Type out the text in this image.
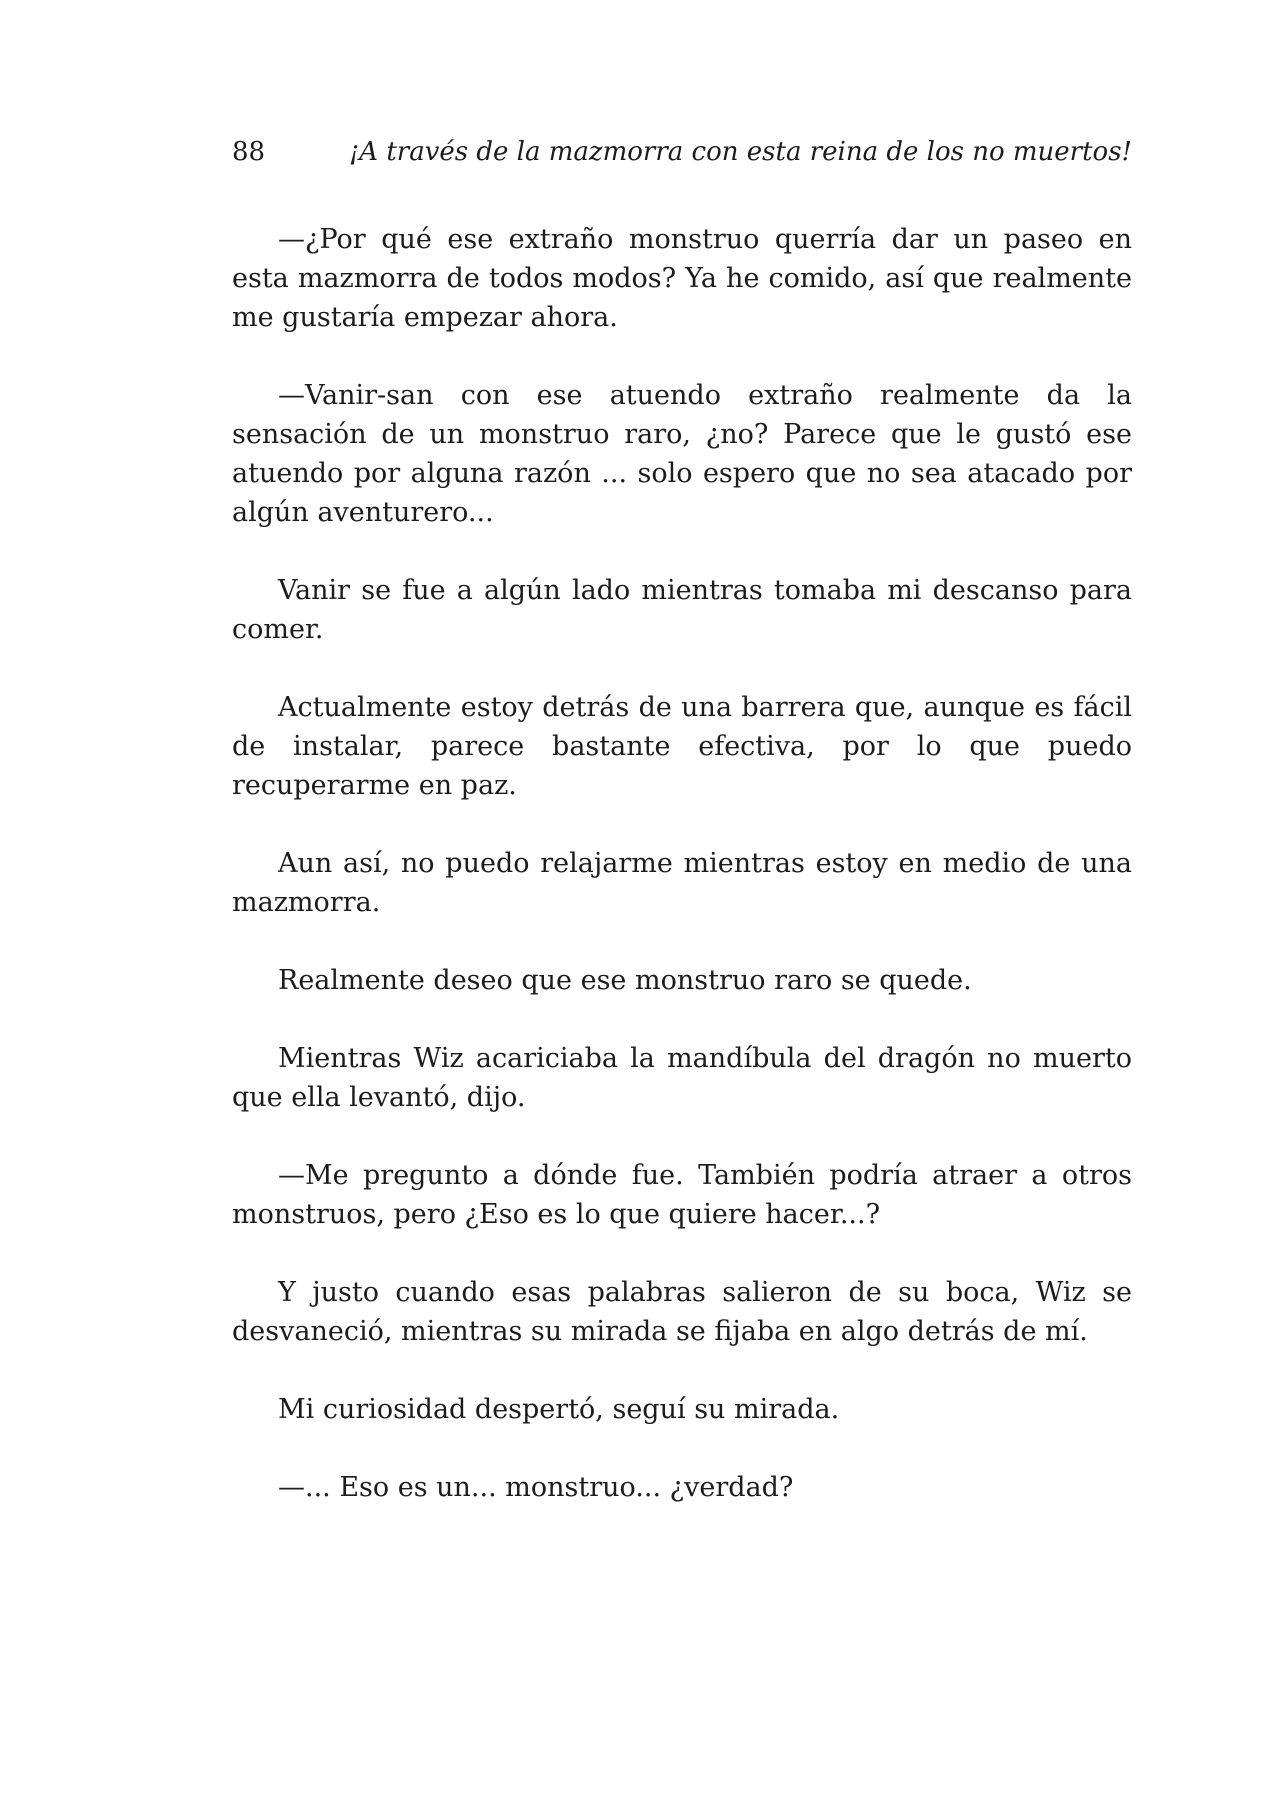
88	¡A través de la mazmorra con esta reina de los no muertos!

—¿Por qué ese extraño monstruo querría dar un paseo en esta mazmorra de todos modos? Ya he comido, así que realmente me gustaría empezar ahora.

—Vanir-san con ese atuendo extraño realmente da la sensación de un monstruo raro, ¿no? Parece que le gustó ese atuendo por alguna razón ... solo espero que no sea atacado por algún aventurero...

Vanir se fue a algún lado mientras tomaba mi descanso para comer.

Actualmente estoy detrás de una barrera que, aunque es fácil de instalar, parece bastante efectiva, por lo que puedo recuperarme en paz.

Aun así, no puedo relajarme mientras estoy en medio de una mazmorra.

Realmente deseo que ese monstruo raro se quede.

Mientras Wiz acariciaba la mandíbula del dragón no muerto que ella levantó, dijo.

—Me pregunto a dónde fue. También podría atraer a otros monstruos, pero ¿Eso es lo que quiere hacer...?

Y justo cuando esas palabras salieron de su boca, Wiz se desvaneció, mientras su mirada se fijaba en algo detrás de mí.

Mi curiosidad despertó, seguí su mirada.

—... Eso es un... monstruo... ¿verdad?
